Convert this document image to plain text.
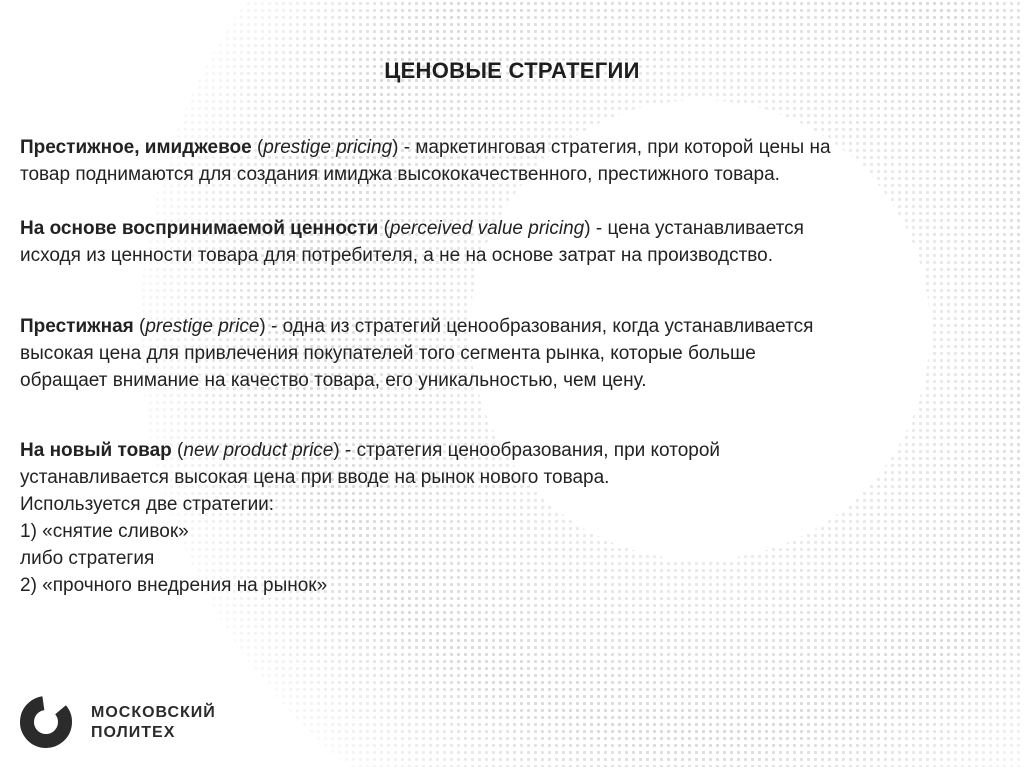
ЦЕНОВЫЕ СТРАТЕГИИ
Престижное, имиджевое (prestige pricing) - маркетинговая стратегия, при которой цены на
товар поднимаются для создания имиджа высококачественного, престижного товара.
На основе воспринимаемой ценности (perceived value pricing) - цена устанавливается
исходя из ценности товара для потребителя, а не на основе затрат на производство.
Престижная (prestige price) - одна из стратегий ценообразования, когда устанавливается
высокая цена для привлечения покупателей того сегмента рынка, которые больше
обращает внимание на качество товара, его уникальностью, чем цену.
На новый товар (new product price) - стратегия ценообразования, при которой
устанавливается высокая цена при вводе на рынок нового товара.
Используется две стратегии:
1) «снятие сливок»
либо стратегия
2) «прочного внедрения на рынок»
МОСКОВСКИЙ
ПОЛИТЕХ
